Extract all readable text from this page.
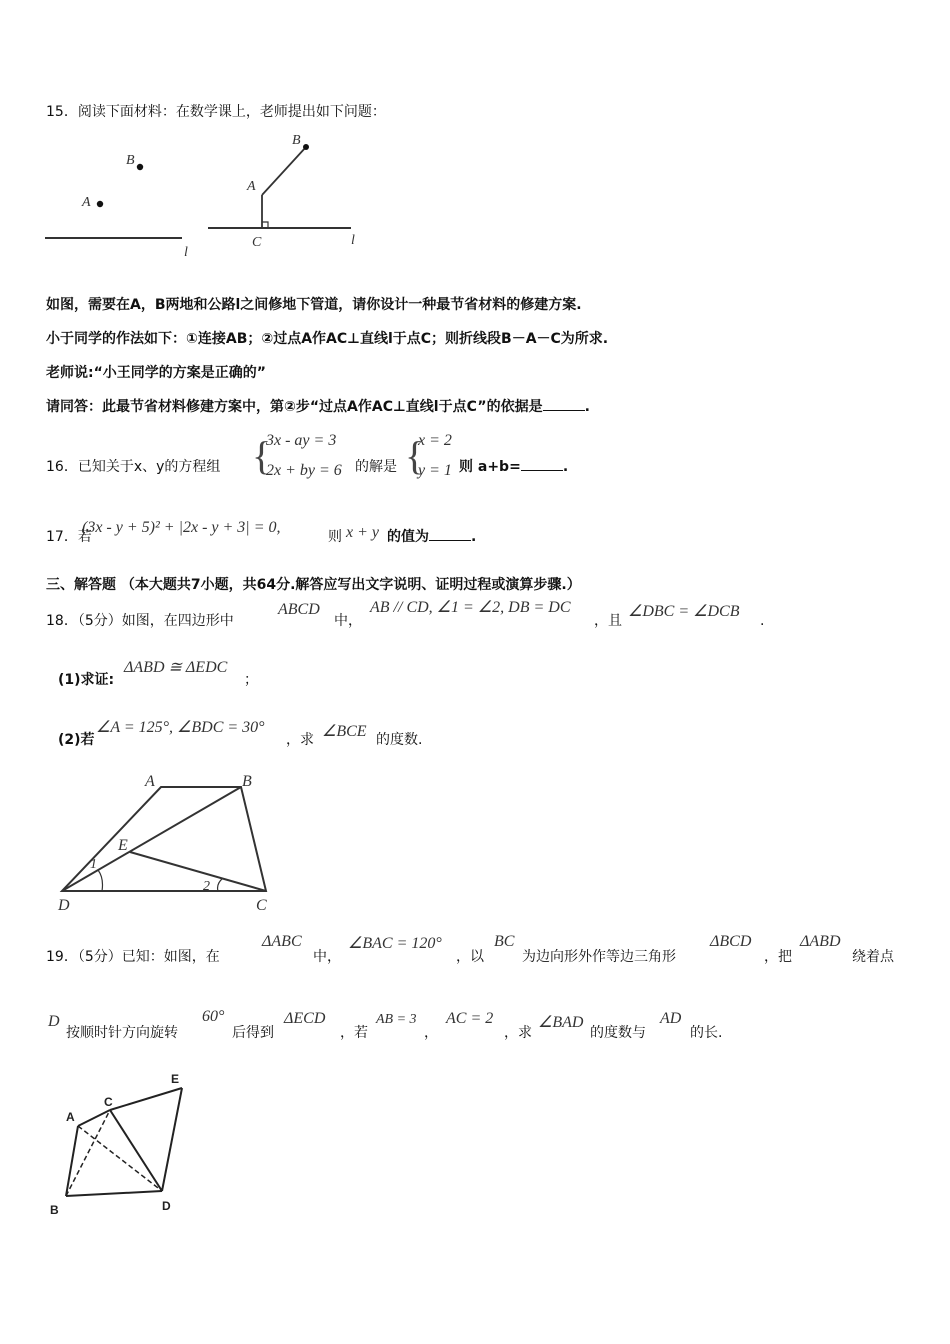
15．阅读下面材料：在数学课上，老师提出如下问题：
B
A
l
B
A
C	l
如图，需要在A，B两地和公路l之间修地下管道，请你设计一种最节省材料的修建方案.
小于同学的作法如下：①连接AB；②过点A作AC⊥直线l于点C；则折线段B－A－C为所求.
老师说:“小王同学的方案是正确的”
请同答：此最节省材料修建方案中，第②步“过点A作AC⊥直线l于点C”的依据是	.
16．已知关于x、y的方程组 {
3x - ay = 3
2x + by = 6 的解是 {
x = 2
y = 1 则 a+b=	.
17．若
(3x - y + 5)² + |2x - y + 3| = 0,
则 x + y 的值为	.
三、解答题 （本大题共7小题，共64分.解答应写出文字说明、证明过程或演算步骤.）
18．（5分）如图，在四边形中
ABCD
中，
AB // CD, ∠1 = ∠2, DB = DC
，且
∠DBC = ∠DCB
.
(1)求证:
ΔABD ≅ ΔEDC
；
(2)若
∠A = 125°, ∠BDC = 30°
，求 ∠BCE 的度数.
A	B
C
D
E
1
2
19．（5分）已知：如图，在
ΔABC
中，
∠BAC = 120°
，以
BC
为边向形外作等边三角形
ΔBCD
，把
ΔABD
绕着点
D
按顺时针方向旋转
60°
后得到
ΔECD
，若
AB = 3
，
AC = 2
，求
∠BAD
的度数与
AD
的长.
A
B
C
D
E
